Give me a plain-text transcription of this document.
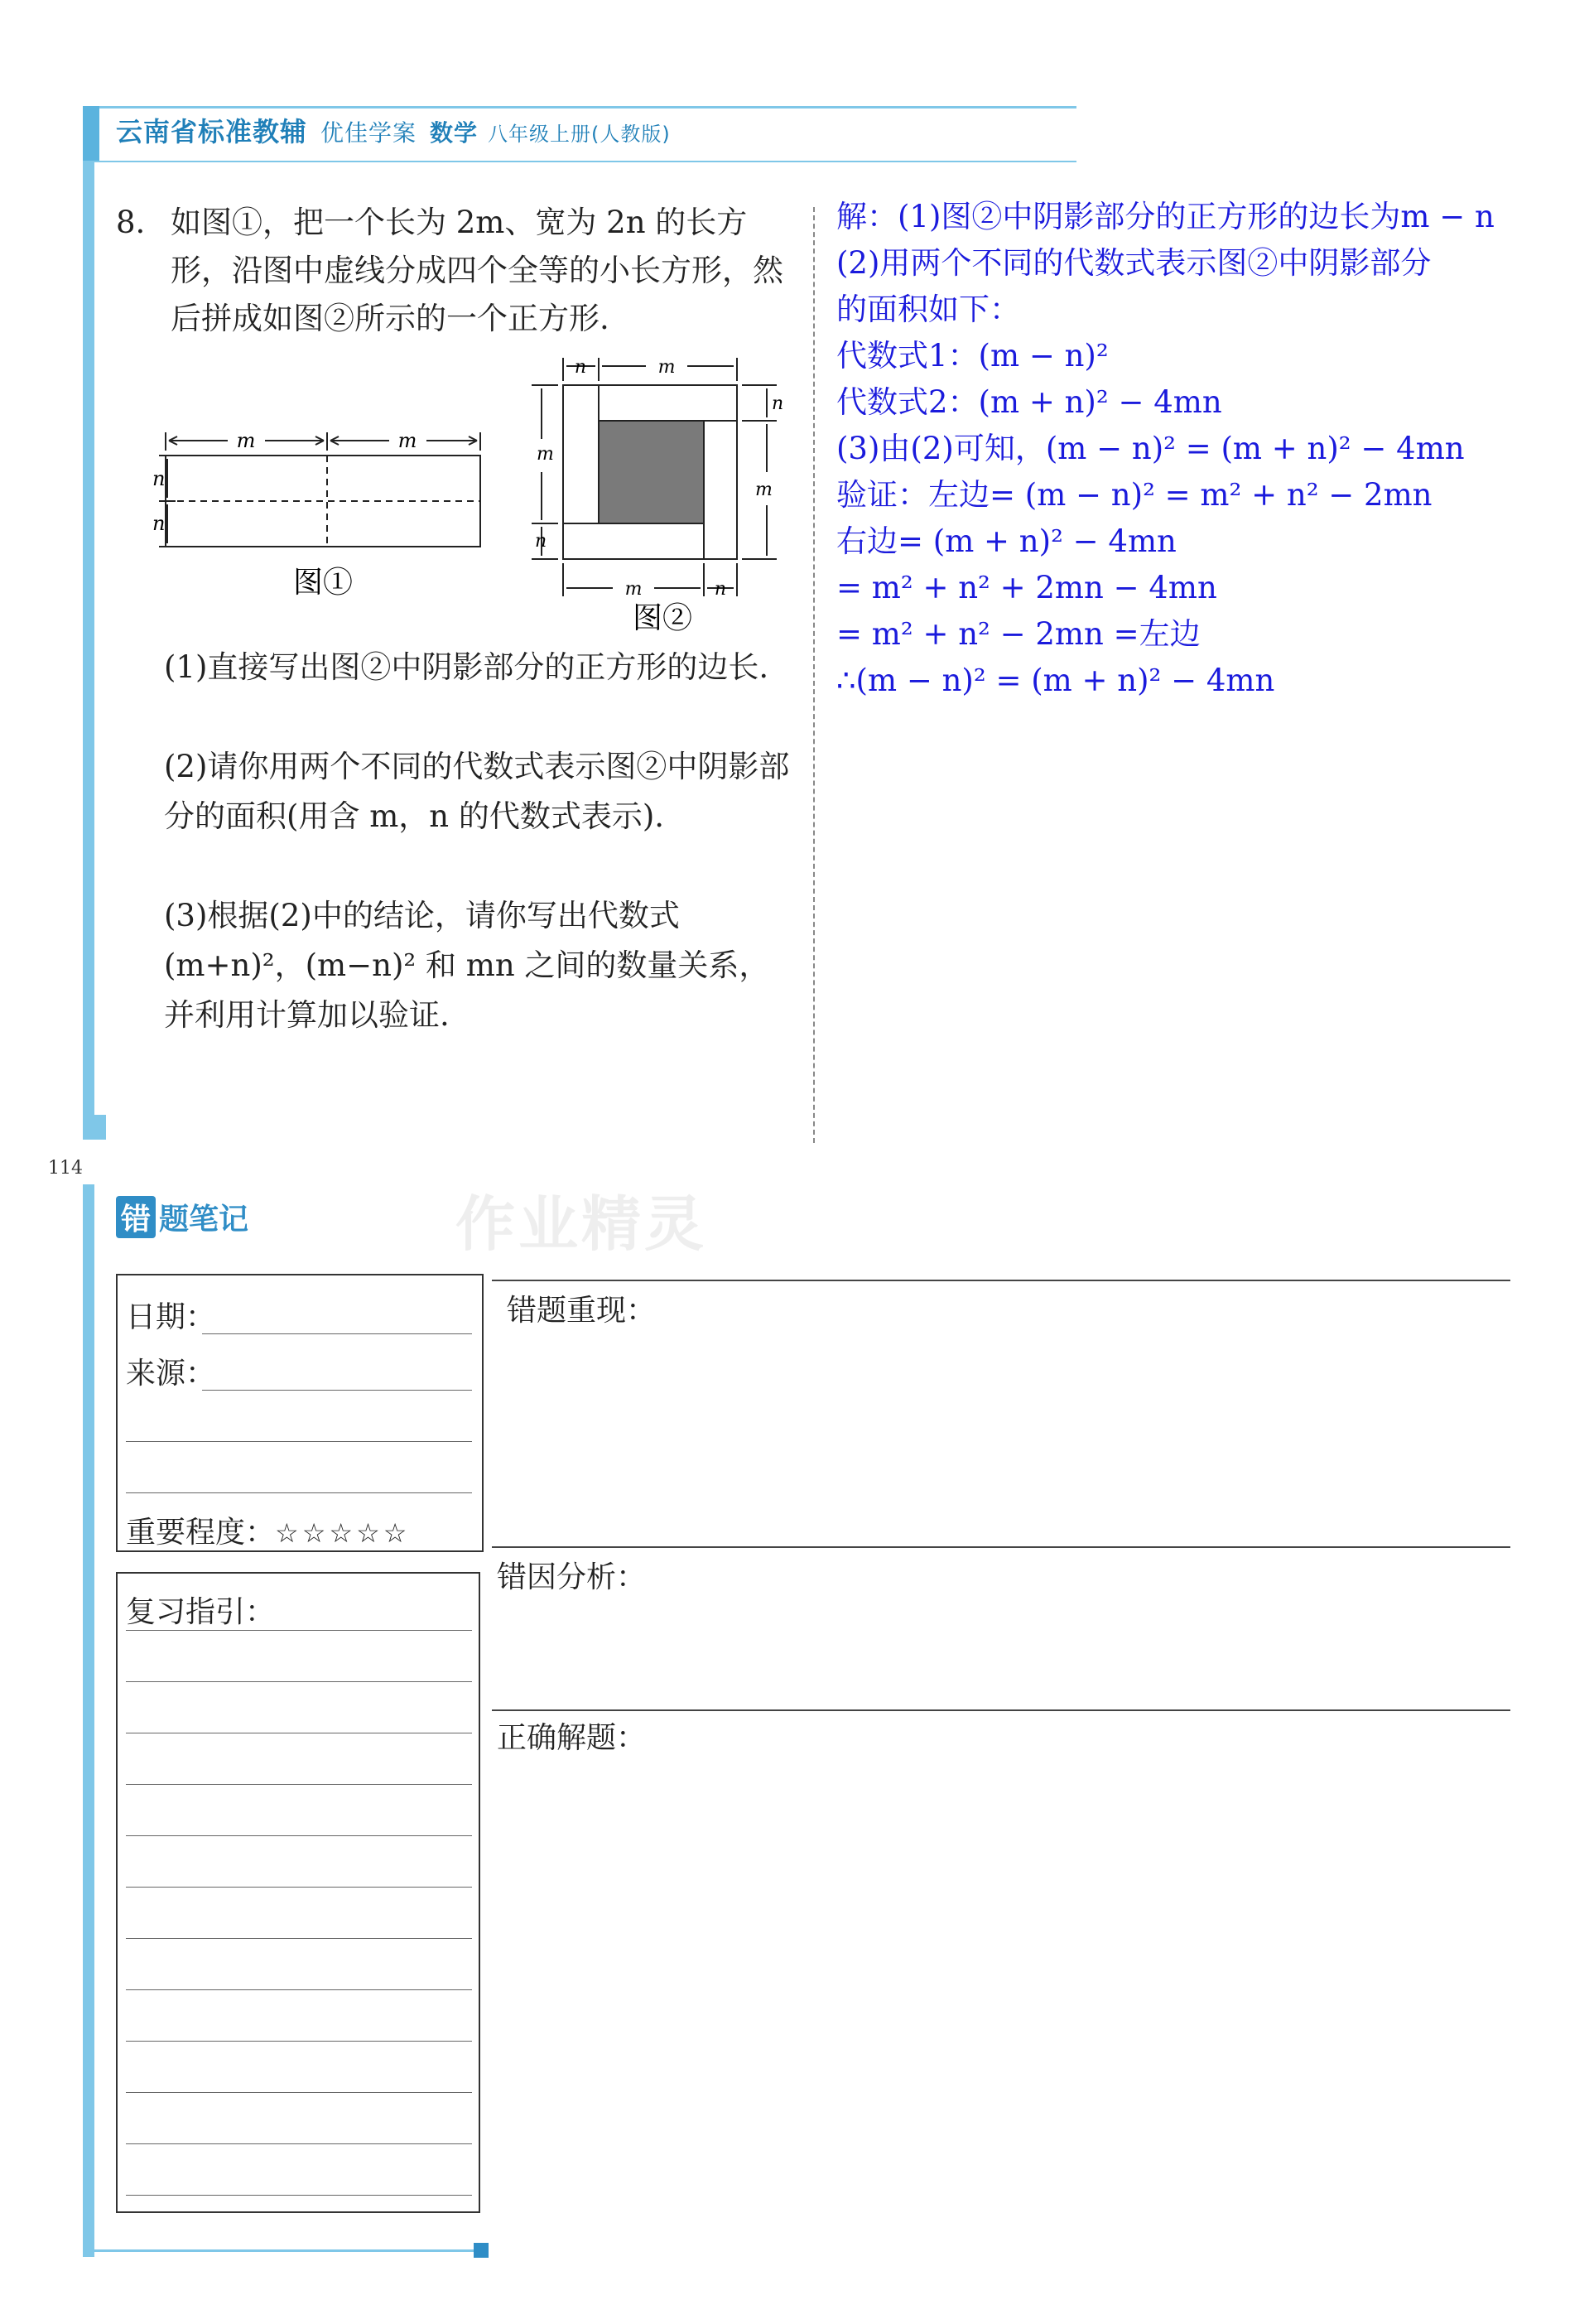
云南省标准教辅 优佳学案 数学 八年级上册(人教版)
114
8. 如图①，把一个长为 2m、宽为 2n 的长方形，沿图中虚线分成四个全等的小长方形，然后拼成如图②所示的一个正方形.
m	m
n
n
图①
n	m
m	n
m
n
n
m
图②
(1)直接写出图②中阴影部分的正方形的边长.
(2)请你用两个不同的代数式表示图②中阴影部分的面积(用含 m，n 的代数式表示).
(3)根据(2)中的结论，请你写出代数式 (m+n)²，(m−n)² 和 mn 之间的数量关系，并利用计算加以验证.
解：(1)图②中阴影部分的正方形的边长为m − n
(2)用两个不同的代数式表示图②中阴影部分
的面积如下：
代数式1：(m − n)²
代数式2：(m + n)² − 4mn
(3)由(2)可知，(m − n)² = (m + n)² − 4mn
验证：左边= (m − n)² = m² + n² − 2mn
右边= (m + n)² − 4mn
= m² + n² + 2mn − 4mn
= m² + n² − 2mn =左边
∴(m − n)² = (m + n)² − 4mn
作业精灵
错 题笔记
日期：
来源：
重要程度：☆☆☆☆☆
复习指引：
错题重现：
错因分析：
正确解题：
